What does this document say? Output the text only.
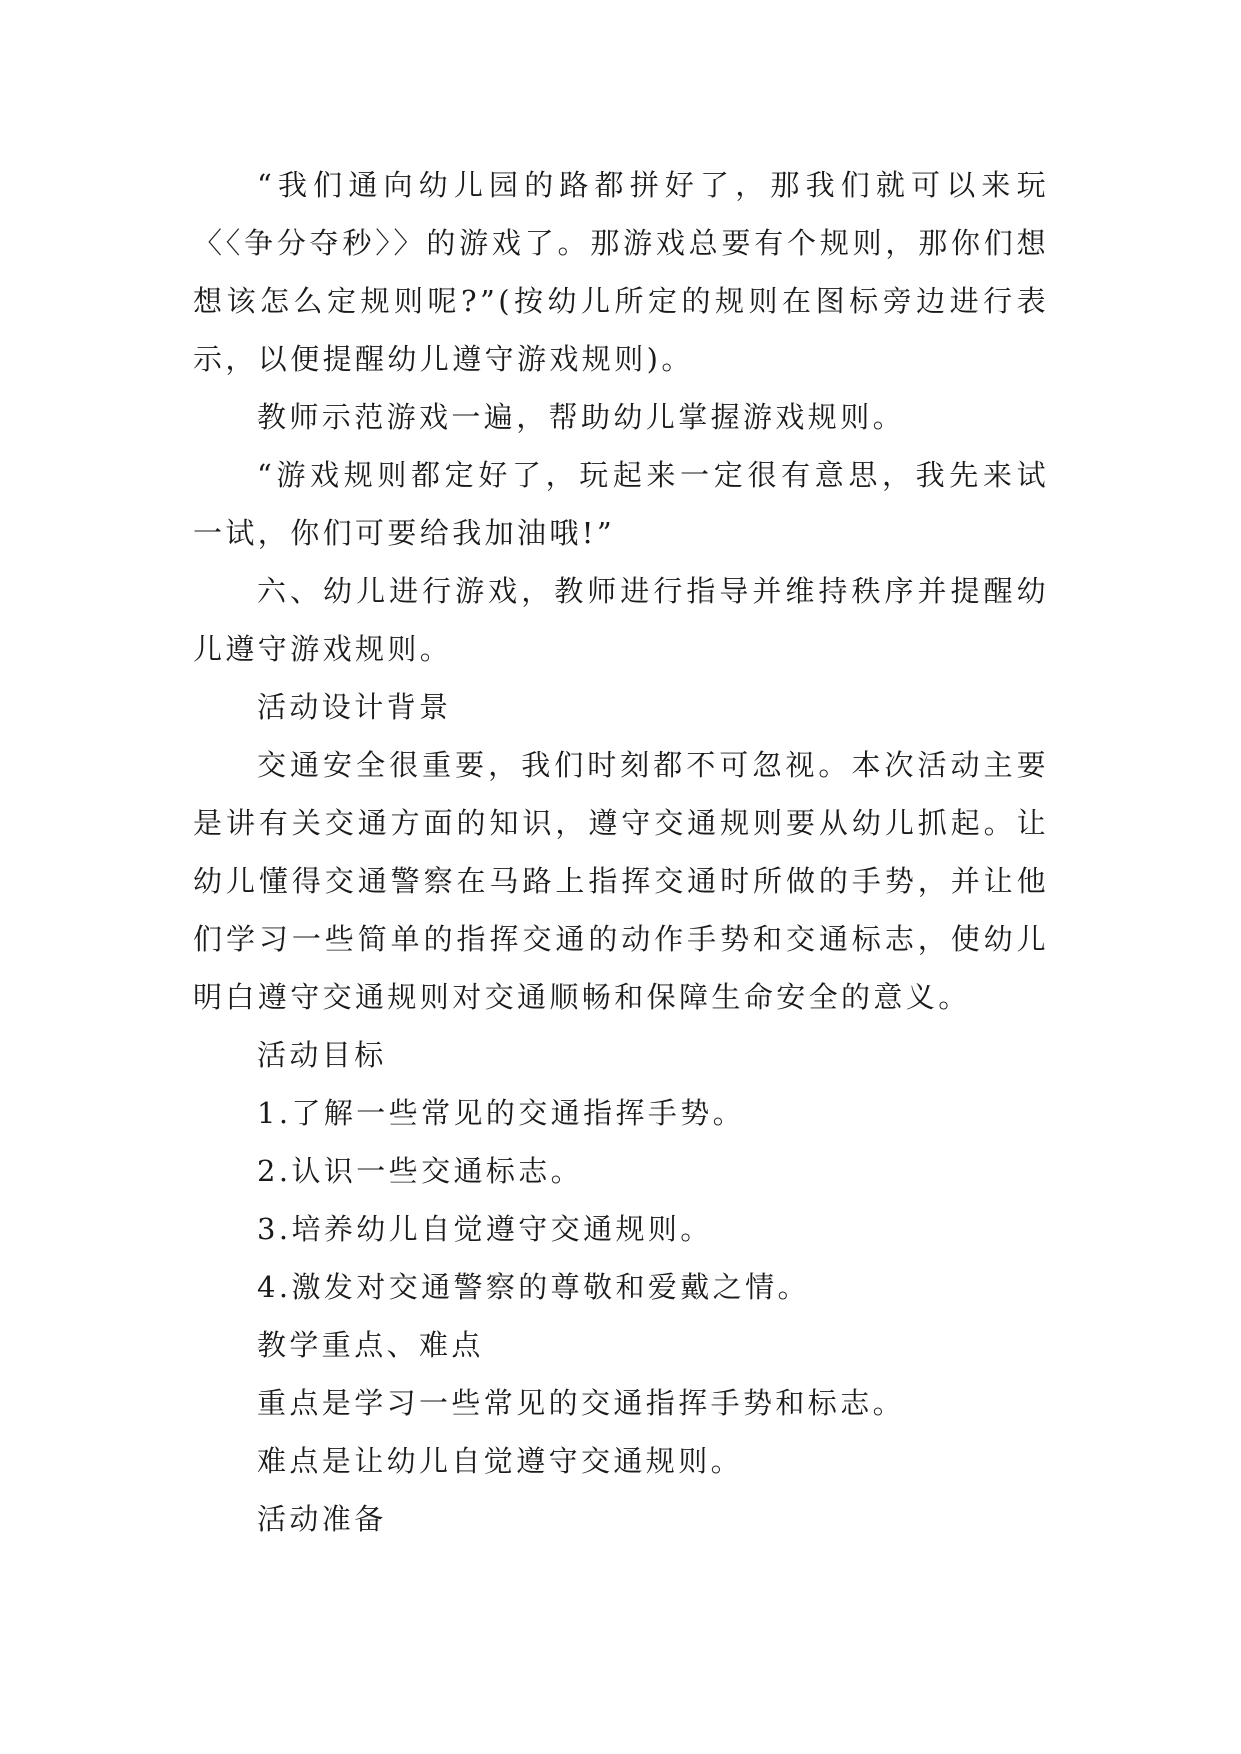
“我们通向幼儿园的路都拼好了，那我们就可以来玩〈〈争分夺秒〉〉的游戏了。那游戏总要有个规则，那你们想想该怎么定规则呢?”(按幼儿所定的规则在图标旁边进行表示，以便提醒幼儿遵守游戏规则)。

教师示范游戏一遍，帮助幼儿掌握游戏规则。

“游戏规则都定好了，玩起来一定很有意思，我先来试一试，你们可要给我加油哦!”

六、幼儿进行游戏，教师进行指导并维持秩序并提醒幼儿遵守游戏规则。

活动设计背景

交通安全很重要，我们时刻都不可忽视。本次活动主要是讲有关交通方面的知识，遵守交通规则要从幼儿抓起。让幼儿懂得交通警察在马路上指挥交通时所做的手势，并让他们学习一些简单的指挥交通的动作手势和交通标志，使幼儿明白遵守交通规则对交通顺畅和保障生命安全的意义。

活动目标

1.了解一些常见的交通指挥手势。

2.认识一些交通标志。

3.培养幼儿自觉遵守交通规则。

4.激发对交通警察的尊敬和爱戴之情。

教学重点、难点

重点是学习一些常见的交通指挥手势和标志。

难点是让幼儿自觉遵守交通规则。

活动准备
